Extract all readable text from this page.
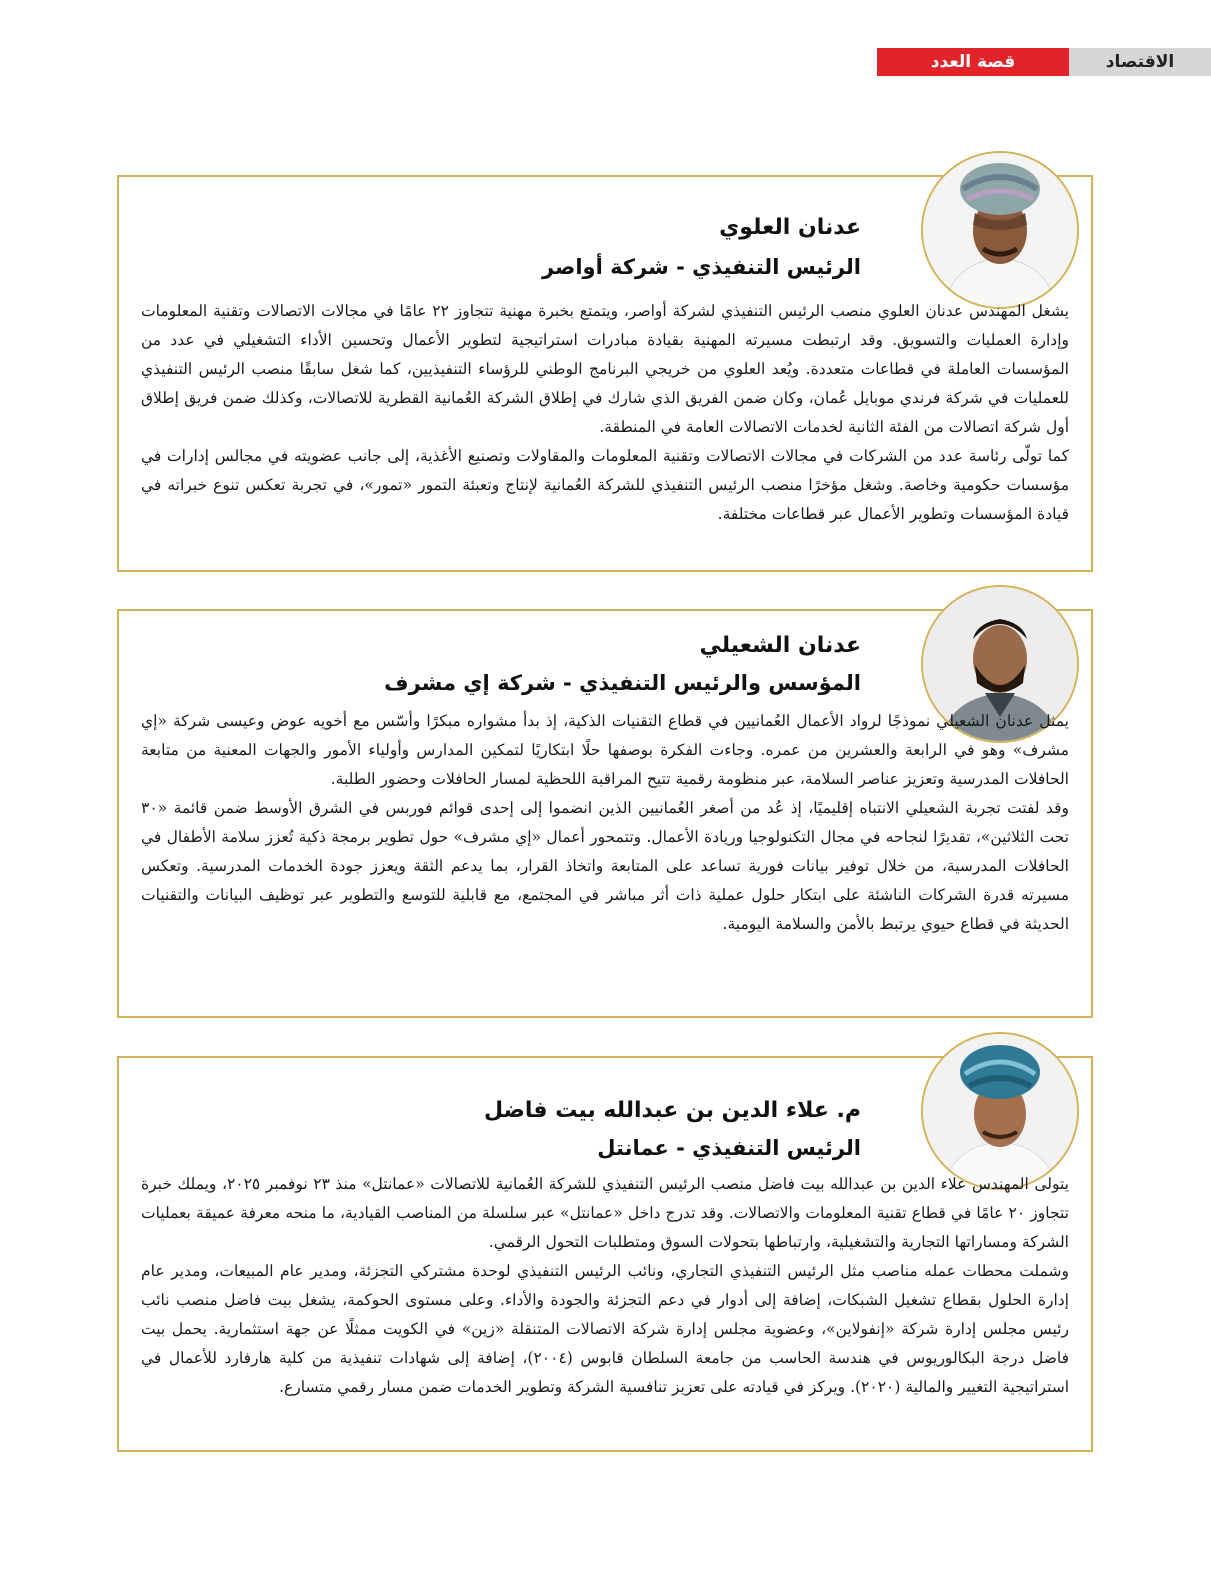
قصة العدد	الاقتصاد
عدنان العلوي
الرئيس التنفيذي - شركة أواصر

يشغل المهندس عدنان العلوي منصب الرئيس التنفيذي لشركة أواصر، ويتمتع بخبرة مهنية تتجاوز ٢٢ عامًا في مجالات الاتصالات وتقنية المعلومات وإدارة العمليات والتسويق. وقد ارتبطت مسيرته المهنية بقيادة مبادرات استراتيجية لتطوير الأعمال وتحسين الأداء التشغيلي في عدد من المؤسسات العاملة في قطاعات متعددة. ويُعد العلوي من خريجي البرنامج الوطني للرؤساء التنفيذيين، كما شغل سابقًا منصب الرئيس التنفيذي للعمليات في شركة فرندي موبايل عُمان، وكان ضمن الفريق الذي شارك في إطلاق الشركة العُمانية القطرية للاتصالات، وكذلك ضمن فريق إطلاق أول شركة اتصالات من الفئة الثانية لخدمات الاتصالات العامة في المنطقة.

كما تولّى رئاسة عدد من الشركات في مجالات الاتصالات وتقنية المعلومات والمقاولات وتصنيع الأغذية، إلى جانب عضويته في مجالس إدارات في مؤسسات حكومية وخاصة. وشغل مؤخرًا منصب الرئيس التنفيذي للشركة العُمانية لإنتاج وتعبئة التمور «تمور»، في تجربة تعكس تنوع خبراته في قيادة المؤسسات وتطوير الأعمال عبر قطاعات مختلفة.

عدنان الشعيلي
المؤسس والرئيس التنفيذي - شركة إي مشرف

يمثل عدنان الشعيلي نموذجًا لرواد الأعمال العُمانيين في قطاع التقنيات الذكية، إذ بدأ مشواره مبكرًا وأسّس مع أخويه عوض وعيسى شركة «إي مشرف» وهو في الرابعة والعشرين من عمره. وجاءت الفكرة بوصفها حلًا ابتكاريًا لتمكين المدارس وأولياء الأمور والجهات المعنية من متابعة الحافلات المدرسية وتعزيز عناصر السلامة، عبر منظومة رقمية تتيح المراقبة اللحظية لمسار الحافلات وحضور الطلبة.

وقد لفتت تجربة الشعيلي الانتباه إقليميًا، إذ عُد من أصغر العُمانيين الذين انضموا إلى إحدى قوائم فوربس في الشرق الأوسط ضمن قائمة «٣٠ تحت الثلاثين»، تقديرًا لنجاحه في مجال التكنولوجيا وريادة الأعمال. وتتمحور أعمال «إي مشرف» حول تطوير برمجة ذكية تُعزز سلامة الأطفال في الحافلات المدرسية، من خلال توفير بيانات فورية تساعد على المتابعة واتخاذ القرار، بما يدعم الثقة ويعزز جودة الخدمات المدرسية. وتعكس مسيرته قدرة الشركات الناشئة على ابتكار حلول عملية ذات أثر مباشر في المجتمع، مع قابلية للتوسع والتطوير عبر توظيف البيانات والتقنيات الحديثة في قطاع حيوي يرتبط بالأمن والسلامة اليومية.

م. علاء الدين بن عبدالله بيت فاضل
الرئيس التنفيذي - عمانتل

يتولى المهندس علاء الدين بن عبدالله بيت فاضل منصب الرئيس التنفيذي للشركة العُمانية للاتصالات «عمانتل» منذ ٢٣ نوفمبر ٢٠٢٥، ويملك خبرة تتجاوز ٢٠ عامًا في قطاع تقنية المعلومات والاتصالات. وقد تدرج داخل «عمانتل» عبر سلسلة من المناصب القيادية، ما منحه معرفة عميقة بعمليات الشركة ومساراتها التجارية والتشغيلية، وارتباطها بتحولات السوق ومتطلبات التحول الرقمي.

وشملت محطات عمله مناصب مثل الرئيس التنفيذي التجاري، ونائب الرئيس التنفيذي لوحدة مشتركي التجزئة، ومدير عام المبيعات، ومدير عام إدارة الحلول بقطاع تشغيل الشبكات، إضافة إلى أدوار في دعم التجزئة والجودة والأداء. وعلى مستوى الحوكمة، يشغل بيت فاضل منصب نائب رئيس مجلس إدارة شركة «إنفولاين»، وعضوية مجلس إدارة شركة الاتصالات المتنقلة «زين» في الكويت ممثلًا عن جهة استثمارية. يحمل بيت فاضل درجة البكالوريوس في هندسة الحاسب من جامعة السلطان قابوس (٢٠٠٤)، إضافة إلى شهادات تنفيذية من كلية هارفارد للأعمال في استراتيجية التغيير والمالية (٢٠٢٠). ويركز في قيادته على تعزيز تنافسية الشركة وتطوير الخدمات ضمن مسار رقمي متسارع.
